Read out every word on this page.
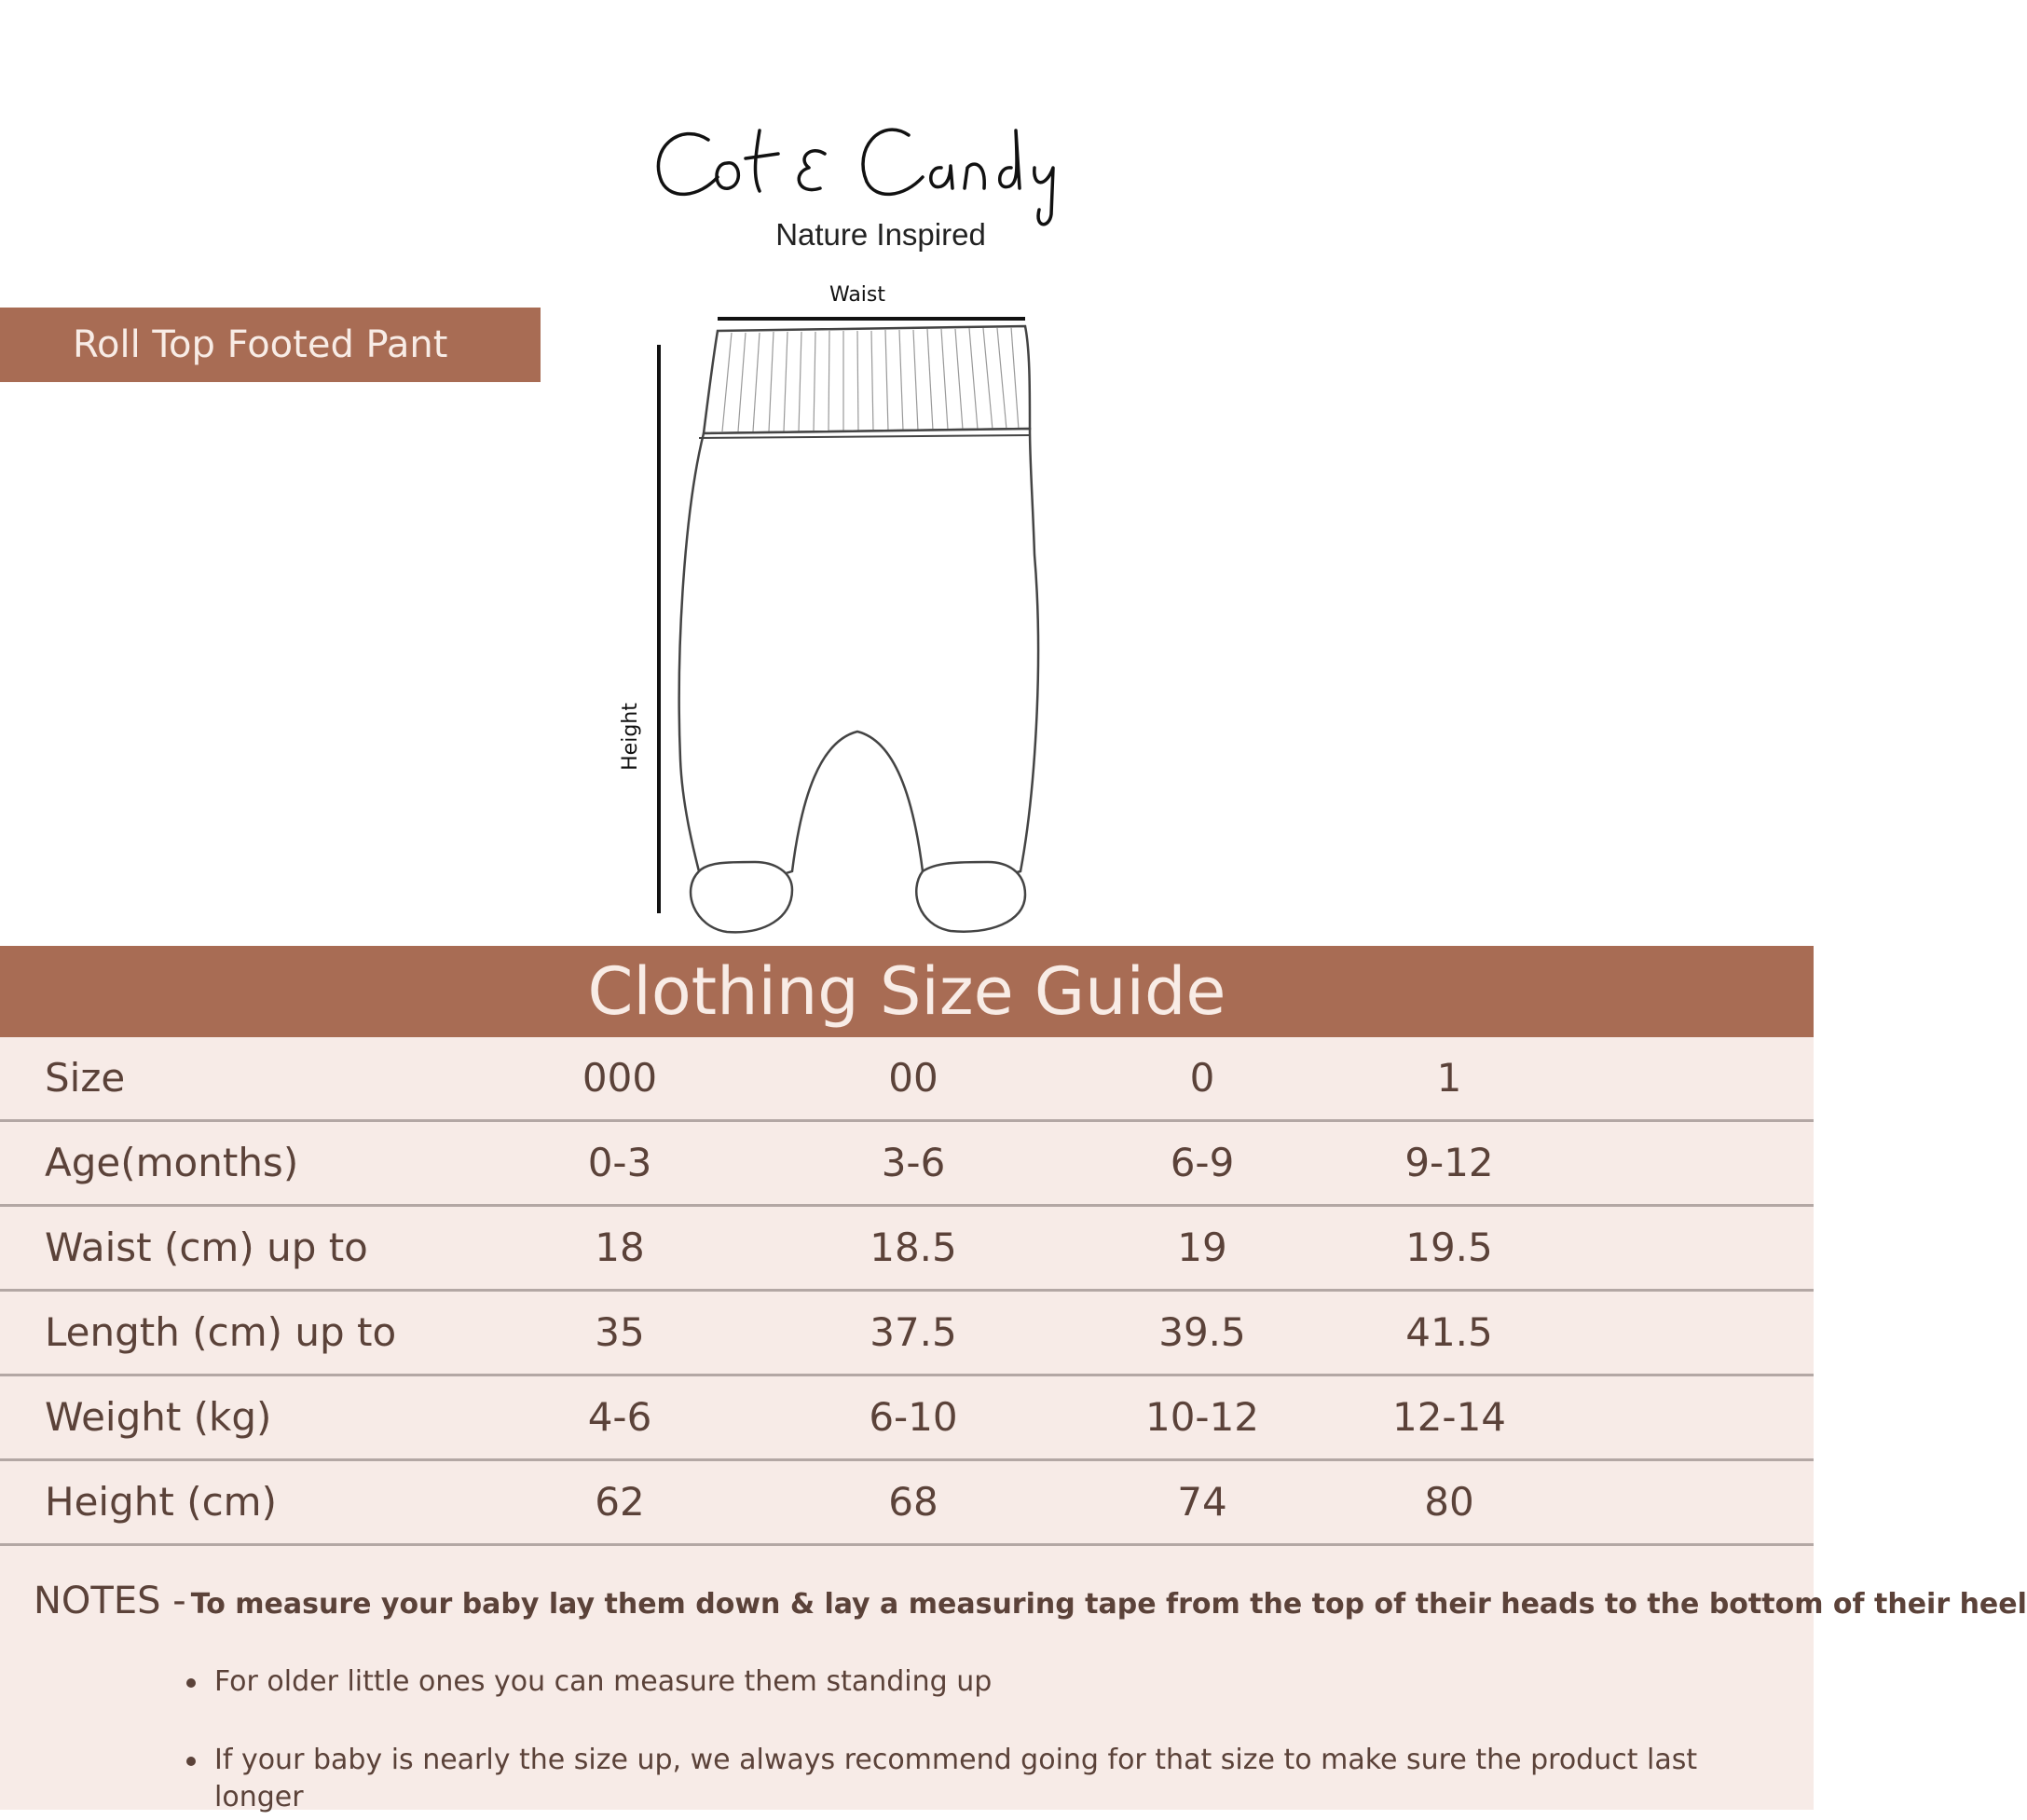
Nature Inspired
Roll Top Footed Pant
Waist
Height
Clothing Size Guide
Size	000	00	0	1
Age(months)	0-3	3-6	6-9	9-12
Waist (cm) up to	18	18.5	19	19.5
Length (cm) up to	35	37.5	39.5	41.5
Weight (kg)	4-6	6-10	10-12	12-14
Height (cm)	62	68	74	80
NOTES - To measure your baby lay them down & lay a measuring tape from the top of their heads to the bottom of their heel
For older little ones you can measure them standing up
If your baby is nearly the size up, we always recommend going for that size to make sure the product last longer
